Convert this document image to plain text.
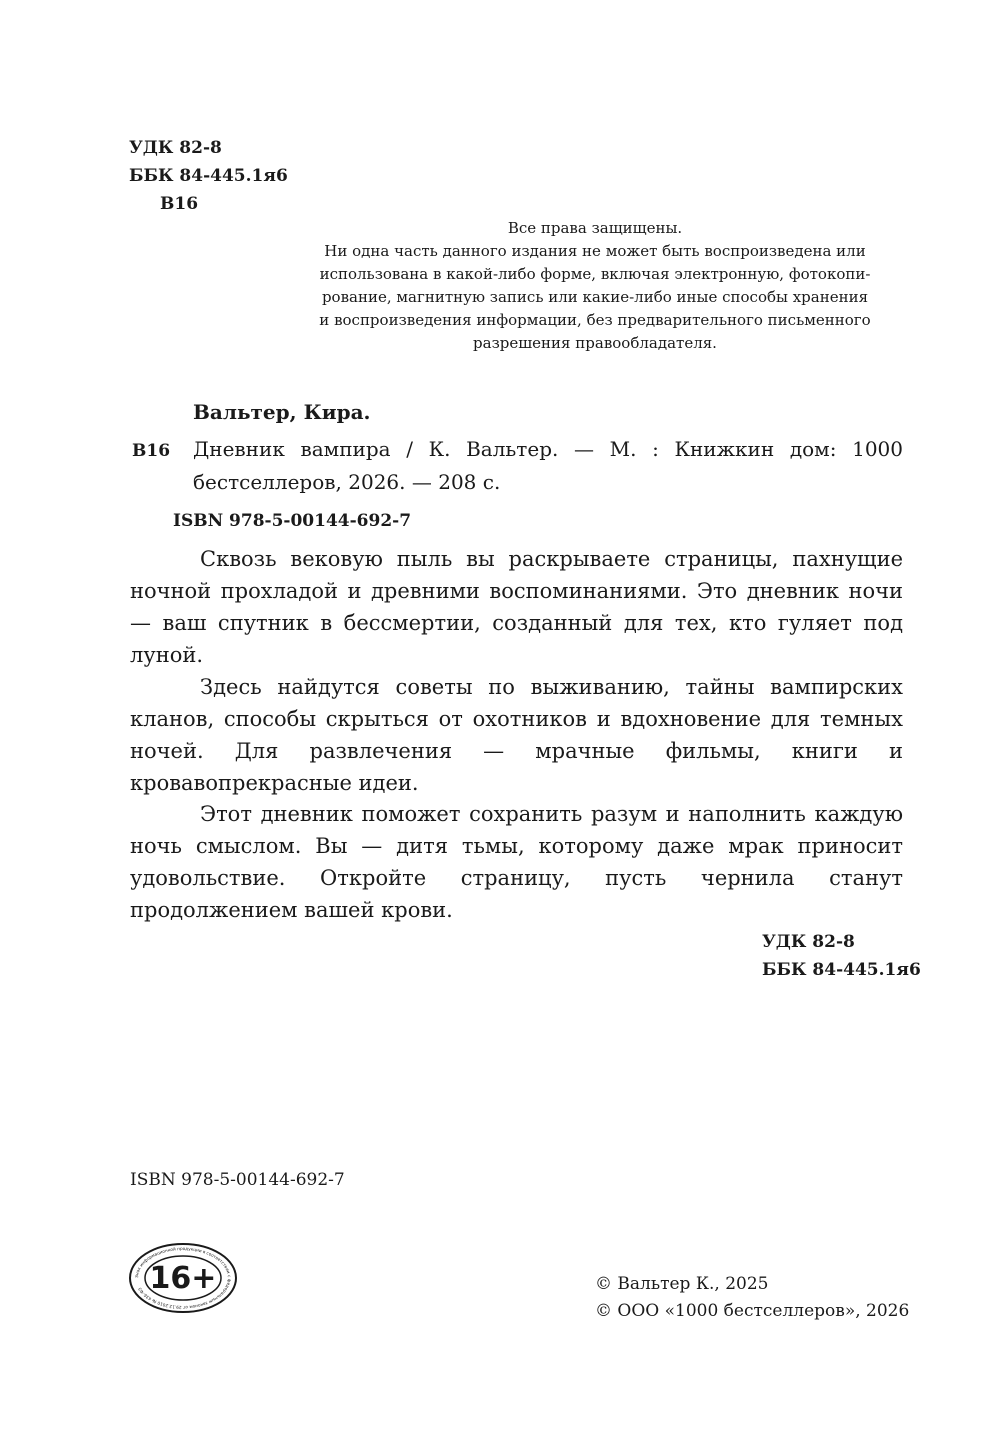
УДК 82-8
ББК 84-445.1я6
В16
Все права защищены.
Ни одна часть данного издания не может быть воспроизведена или
использована в какой-либо форме, включая электронную, фотокопи-
рование, магнитную запись или какие-либо иные способы хранения
и воспроизведения информации, без предварительного письменного
разрешения правообладателя.
Вальтер, Кира.
В16 Дневник вампира / К. Вальтер. — М. : Книжкин дом: 1000 бестселлеров, 2026. — 208 с.
ISBN 978-5-00144-692-7

Сквозь вековую пыль вы раскрываете страницы, пахнущие ночной прохладой и древними воспоминаниями. Это дневник ночи — ваш спутник в бессмертии, созданный для тех, кто гуляет под луной.

Здесь найдутся советы по выживанию, тайны вампирских кланов, способы скрыться от охотников и вдохновение для темных ночей. Для развлечения — мрачные фильмы, книги и кровавопрекрасные идеи.

Этот дневник поможет сохранить разум и наполнить каждую ночь смыслом. Вы — дитя тьмы, которому даже мрак приносит удовольствие. Откройте страницу, пусть чернила станут продолжением вашей крови.

УДК 82-8
ББК 84-445.1я6
ISBN 978-5-00144-692-7
Знак информационной продукции в соответствии с федеральным законом от 29.12.2010 № 436-ФЗ 16+	© Вальтер К., 2025
© ООО «1000 бестселлеров», 2026
